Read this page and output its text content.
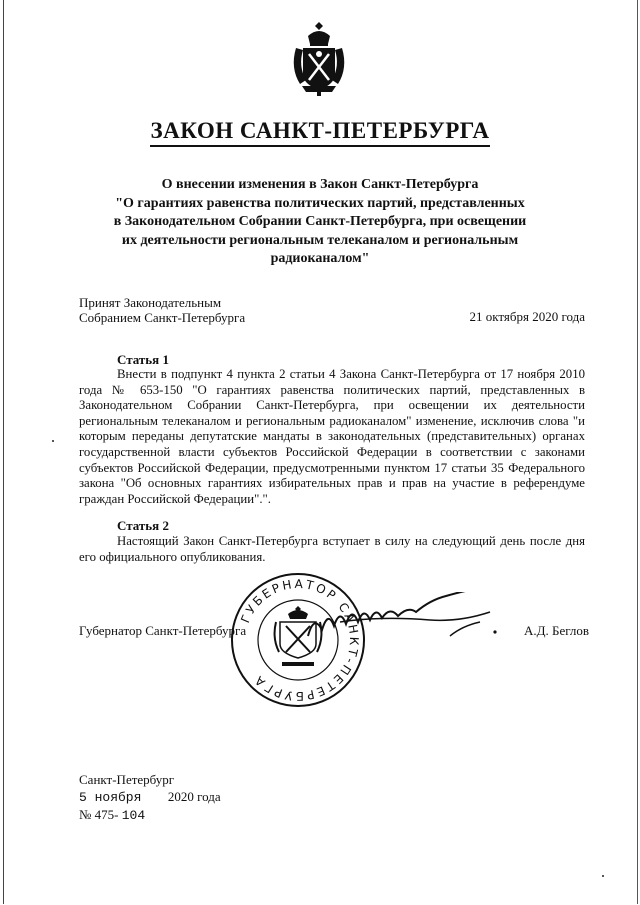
ЗАКОН САНКТ-ПЕТЕРБУРГА
О внесении изменения в Закон Санкт-Петербурга
"О гарантиях равенства политических партий, представленных
в Законодательном Собрании Санкт-Петербурга, при освещении
их деятельности региональным телеканалом и региональным
радиоканалом"
Принят Законодательным
Собранием Санкт-Петербурга	21 октября 2020 года
Статья 1
Внести в подпункт 4 пункта 2 статьи 4 Закона Санкт-Петербурга от 17 ноября 2010 года № 653-150 "О гарантиях равенства политических партий, представленных в Законодательном Собрании Санкт-Петербурга, при освещении их деятельности региональным телеканалом и региональным радиоканалом" изменение, исключив слова "и которым переданы депутатские мандаты в законодательных (представительных) органах государственной власти субъектов Российской Федерации в соответствии с законами субъектов Российской Федерации, предусмотренными пунктом 17 статьи 35 Федерального закона "Об основных гарантиях избирательных прав и прав на участие в референдуме граждан Российской Федерации".".
Статья 2
Настоящий Закон Санкт-Петербурга вступает в силу на следующий день после дня его официального опубликования.
Губернатор Санкт-Петербурга	А.Д. Беглов
ГУБЕРНАТОР САНКТ-ПЕТЕРБУРГА
Санкт-Петербург
5 ноября 2020 года
№ 475- 104
